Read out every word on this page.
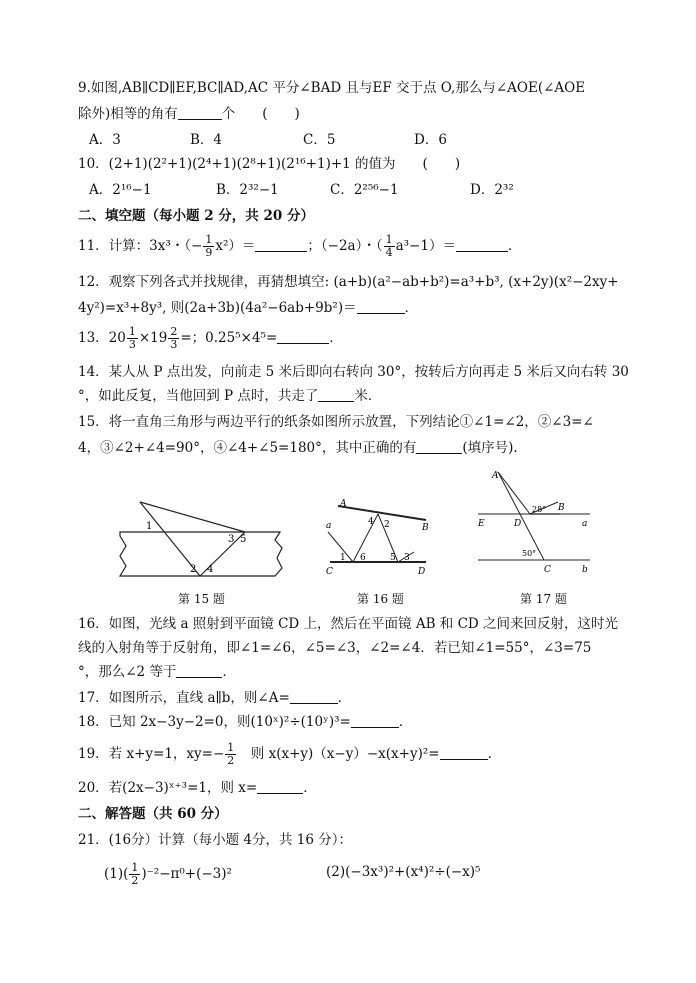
9.如图,AB∥CD∥EF,BC∥AD,AC 平分∠BAD 且与EF 交于点 O,那么与∠AOE(∠AOE
除外)相等的角有	个　　(　　)
A．3	B．4	C．5	D．6
10．(2+1)(2²+1)(2⁴+1)(2⁸+1)(2¹⁶+1)+1 的值为　　(　　)
A．2¹⁶−1	B．2³²−1	C．2²⁵⁶−1	D．2³²
二、填空题（每小题 2 分，共 20 分）
11．计算：3x³・（− $\frac{1}{9} x^2)=$	；（−2a）・（ $\frac{1}{4} a^3-1)=$	．
12．观察下列各式并找规律，再猜想填空: (a+b)(a²−ab+b²)=a³+b³, (x+2y)(x²−2xy+
4y²)=x³+8y³, 则(2a+3b)(4a²−6ab+9b²)＝	．
13．$20 \frac{1}{3} \times 19 \frac{2}{3}$ =；0.25⁵×4⁵=	．
14．某人从 P 点出发，向前走 5 米后即向右转向 30°，按转后方向再走 5 米后又向右转 30
°，如此反复，当他回到 P 点时，共走了	米．
15．将一直角三角形与两边平行的纸条如图所示放置，下列结论①∠1=∠2，②∠3=∠
4，③∠2+∠4=90°，④∠4+∠5=180°，其中正确的有	(填序号).
1
3 5
2 4
第 15 题
A
B
a	4 2
1 6	5 3
C	D
第 16 题
A
28° B
E	D	a
50°
C	b
第 17 题
16．如图，光线 a 照射到平面镜 CD 上，然后在平面镜 AB 和 CD 之间来回反射，这时光
线的入射角等于反射角，即∠1=∠6，∠5=∠3，∠2=∠4．若已知∠1=55°，∠3=75
°，那么∠2 等于	．
17．如图所示，直线 a∥b，则∠A=	．
18．已知 2x−3y−2=0，则(10ˣ)²÷(10ʸ)³=	．
19．若 x+y=1，$xy=- \frac{1}{2}$ 　则 x(x+y)（x−y）−x(x+y)²=	．
20．若(2x−3)ˣ⁺³=1，则 x=	．
二、解答题（共 60 分）
21．(16分）计算（每小题 4分，共 16 分）：
$(1)( \frac{1}{2} )^{-2}-\pi^0+(-3)^2$	(2)(−3x³)²+(x⁴)²÷(−x)⁵
